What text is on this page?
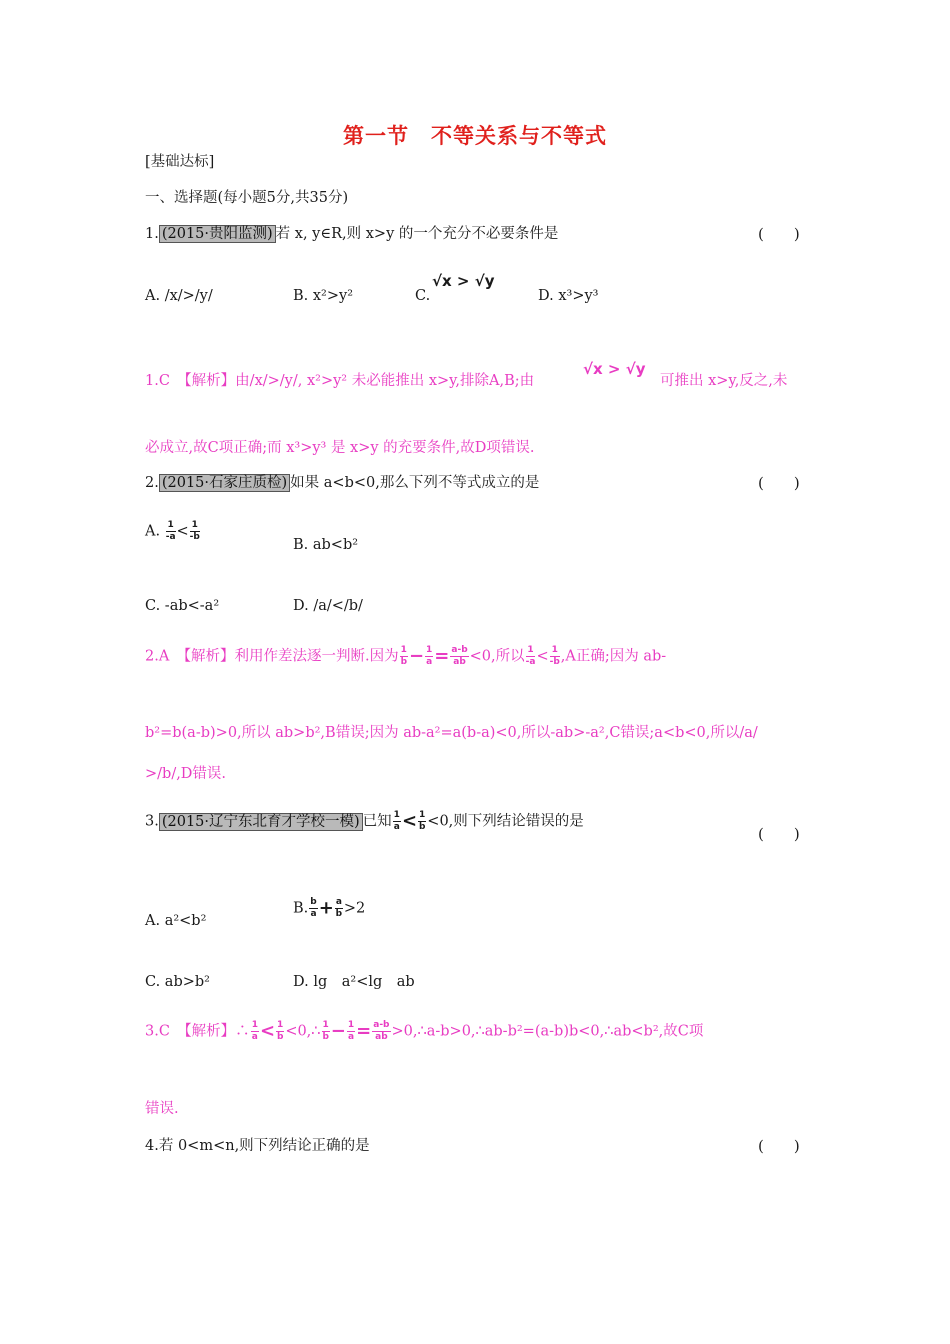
第一节　不等关系与不等式
[基础达标]
一、选择题(每小题5分,共35分)
1. (2015·贵阳监测) 若 x, y∈R,则 x>y 的一个充分不必要条件是	(　　)
A. /x/>/y/	B. x²>y²	C.
√x > √y
D. x³>y³
1.C　【解析】由/x/>/y/, x²>y² 未必能推出 x>y,排除A,B;由
√x > √y
可推出 x>y,反之,未
必成立,故C项正确;而 x³>y³ 是 x>y 的充要条件,故D项错误.
2. (2015·石家庄质检) 如果 a<b<0,那么下列不等式成立的是	(　　)
A. $\frac{1}{-a} < \frac{1}{-b}$
B. ab<b²
C. -ab<-a²	D. /a/</b/
2.A　【解析】利用作差法逐一判断.因为 $\frac{1}{b} - \frac{1}{a} = \frac{a-b}{ab} <0$,所以 $\frac{1}{-a} < \frac{1}{-b} ,A$正确;因为 ab-
b²=b(a-b)>0,所以 ab>b²,B错误;因为 ab-a²=a(b-a)<0,所以-ab>-a²,C错误;a<b<0,所以/a/
>/b/,D错误.
3. (2015·辽宁东北育才学校一模) 已知 $\frac{1}{a} < \frac{1}{b} <0$,则下列结论错误的是
(　　)
A. a²<b²
B. $\frac{b}{a} + \frac{a}{b} >2$
C. ab>b²	D. lg　a²<lg　ab
3.C　【解析】∴ $\frac{1}{a} < \frac{1}{b}$ <0,∴ $\frac{1}{b} - \frac{1}{a} = \frac{a-b}{ab}$ >0,∴a-b>0,∴ab-b²=(a-b)b<0,∴ab<b²,故C项
错误.
4.若 0<m<n,则下列结论正确的是	(　　)
